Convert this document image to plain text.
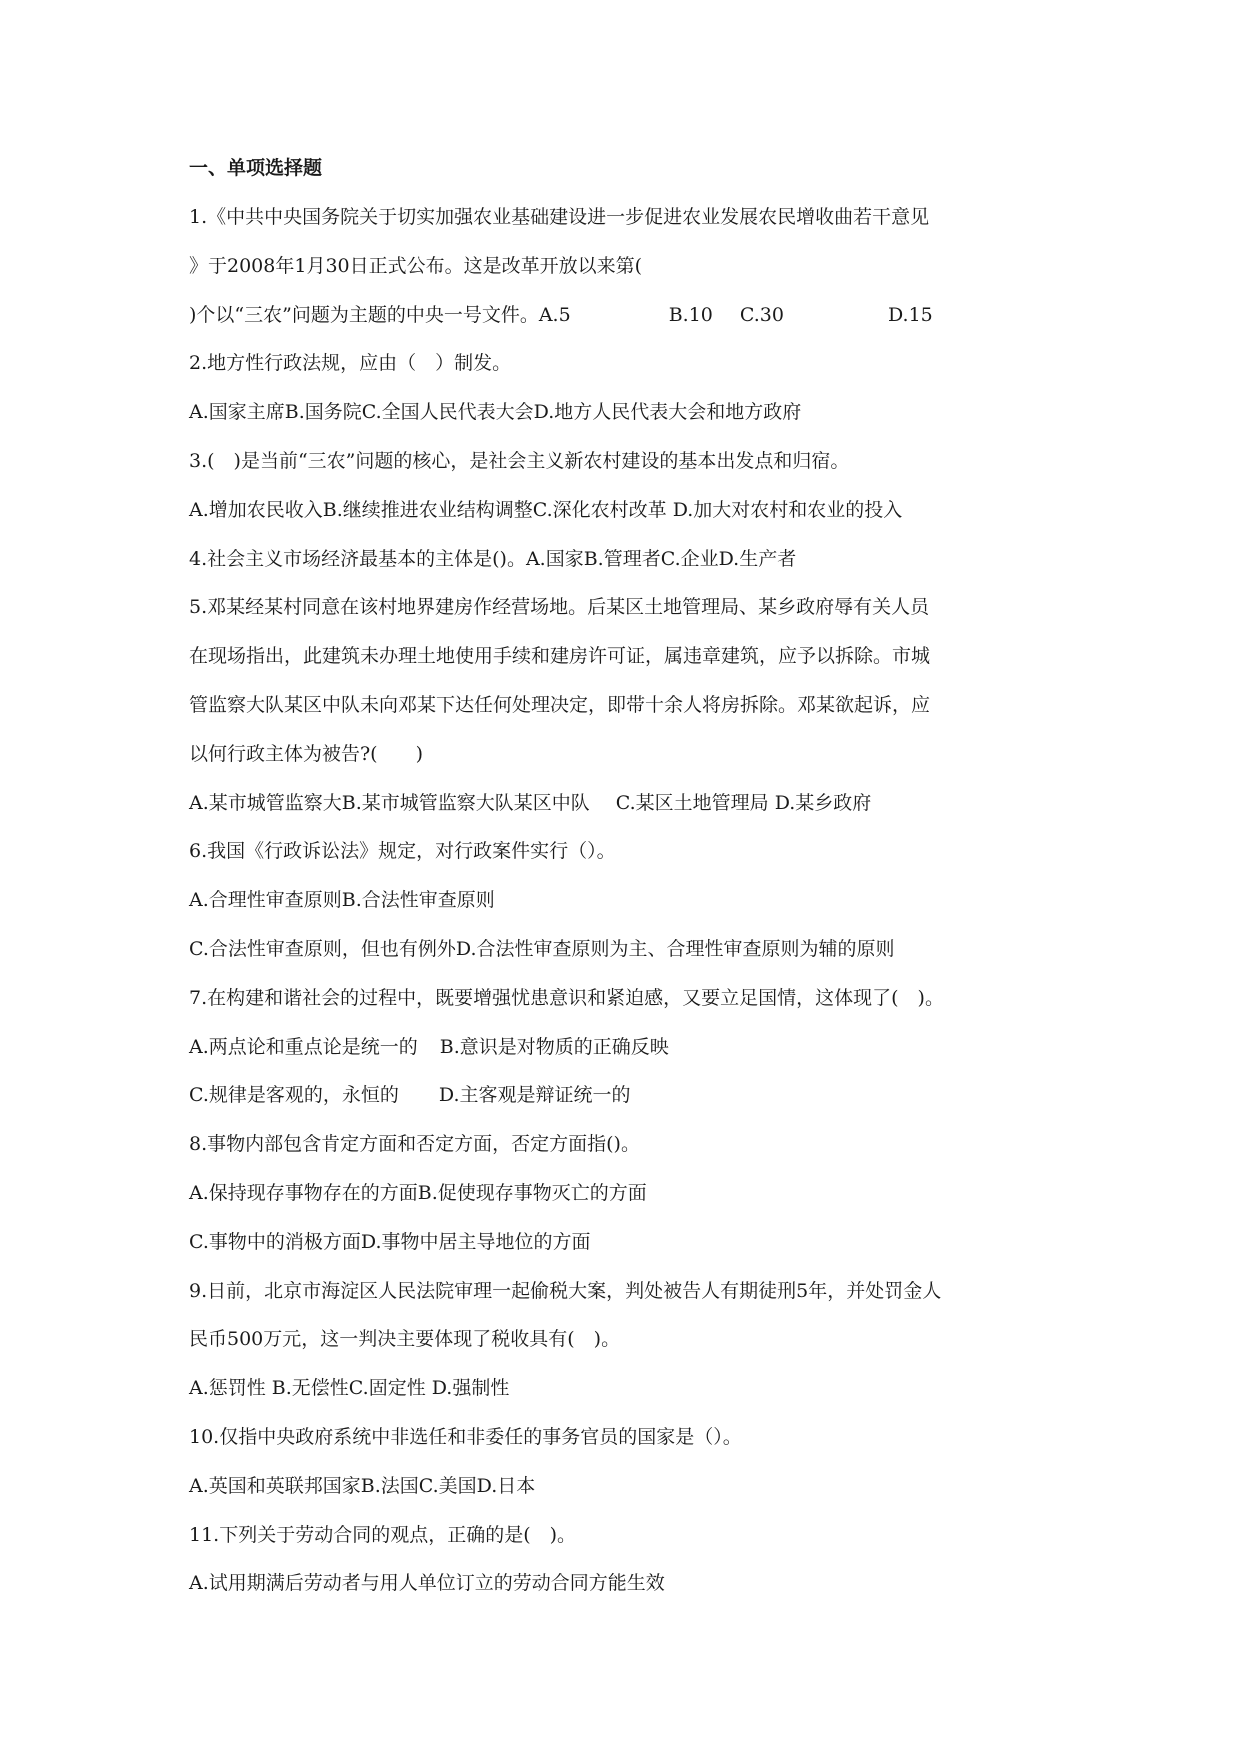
一、单项选择题
1.《中共中央国务院关于切实加强农业基础建设进一步促进农业发展农民增收曲若干意见
》于2008年1月30日正式公布。这是改革开放以来第(
)个以“三农”问题为主题的中央一号文件。A.5	B.10 C.30	D.15
2.地方性行政法规，应由（　）制发。
A.国家主席B.国务院C.全国人民代表大会D.地方人民代表大会和地方政府
3.(　)是当前“三农”问题的核心，是社会主义新农村建设的基本出发点和归宿。
A.增加农民收入B.继续推进农业结构调整C.深化农村改革 D.加大对农村和农业的投入
4.社会主义市场经济最基本的主体是()。A.国家B.管理者C.企业D.生产者
5.邓某经某村同意在该村地界建房作经营场地。后某区土地管理局、某乡政府辱有关人员
在现场指出，此建筑未办理土地使用手续和建房许可证，属违章建筑，应予以拆除。市城
管监察大队某区中队未向邓某下达任何处理决定，即带十余人将房拆除。邓某欲起诉，应
以何行政主体为被告?(　　)
A.某市城管监察大B.某市城管监察大队某区中队 C.某区土地管理局 D.某乡政府
6.我国《行政诉讼法》规定，对行政案件实行（）。
A.合理性审查原则B.合法性审查原则
C.合法性审查原则，但也有例外D.合法性审查原则为主、合理性审查原则为辅的原则
7.在构建和谐社会的过程中，既要增强忧患意识和紧迫感，又要立足国情，这体现了(　)。
A.两点论和重点论是统一的 B.意识是对物质的正确反映
C.规律是客观的，永恒的 D.主客观是辩证统一的
8.事物内部包含肯定方面和否定方面，否定方面指()。
A.保持现存事物存在的方面B.促使现存事物灭亡的方面
C.事物中的消极方面D.事物中居主导地位的方面
9.日前，北京市海淀区人民法院审理一起偷税大案，判处被告人有期徒刑5年，并处罚金人
民币500万元，这一判决主要体现了税收具有(　)。
A.惩罚性 B.无偿性C.固定性 D.强制性
10.仅指中央政府系统中非选任和非委任的事务官员的国家是（）。
A.英国和英联邦国家B.法国C.美国D.日本
11.下列关于劳动合同的观点，正确的是(　)。
A.试用期满后劳动者与用人单位订立的劳动合同方能生效
